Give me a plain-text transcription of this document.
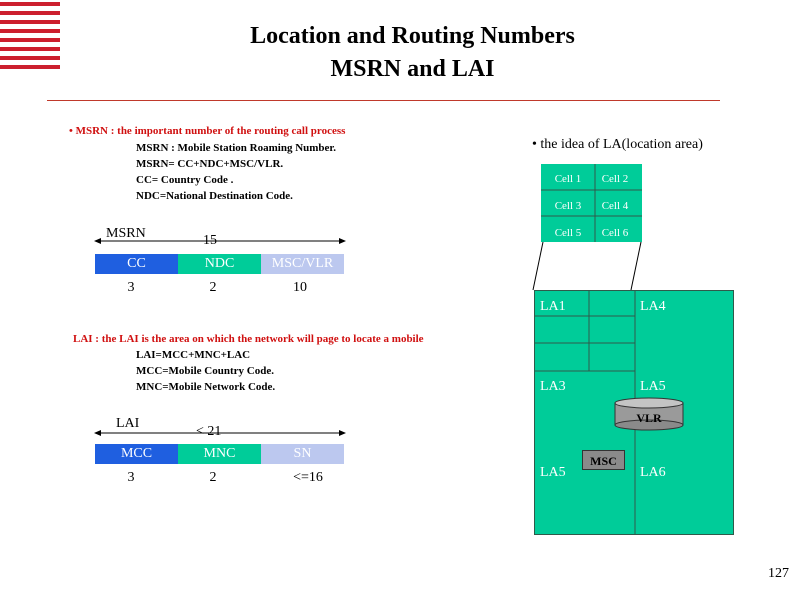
Location and Routing Numbers
MSRN and LAI
• MSRN : the important number of the routing call process
MSRN : Mobile Station Roaming Number.
MSRN= CC+NDC+MSC/VLR.
CC= Country Code .
NDC=National Destination Code.
MSRN	15
CC	NDC	MSC/VLR
3	2	10
LAI : the LAI is the area on which the network will page to locate a mobile
LAI=MCC+MNC+LAC
MCC=Mobile Country Code.
MNC=Mobile Network Code.
LAI
< 21
MCC	MNC	SN
3	2	<=16
• the idea of LA(location area)
Cell 1	Cell 2
Cell 3	Cell 4
Cell 5	Cell 6
LA1	LA4
LA3	LA5
LA5	LA6
VLR
MSC
127
